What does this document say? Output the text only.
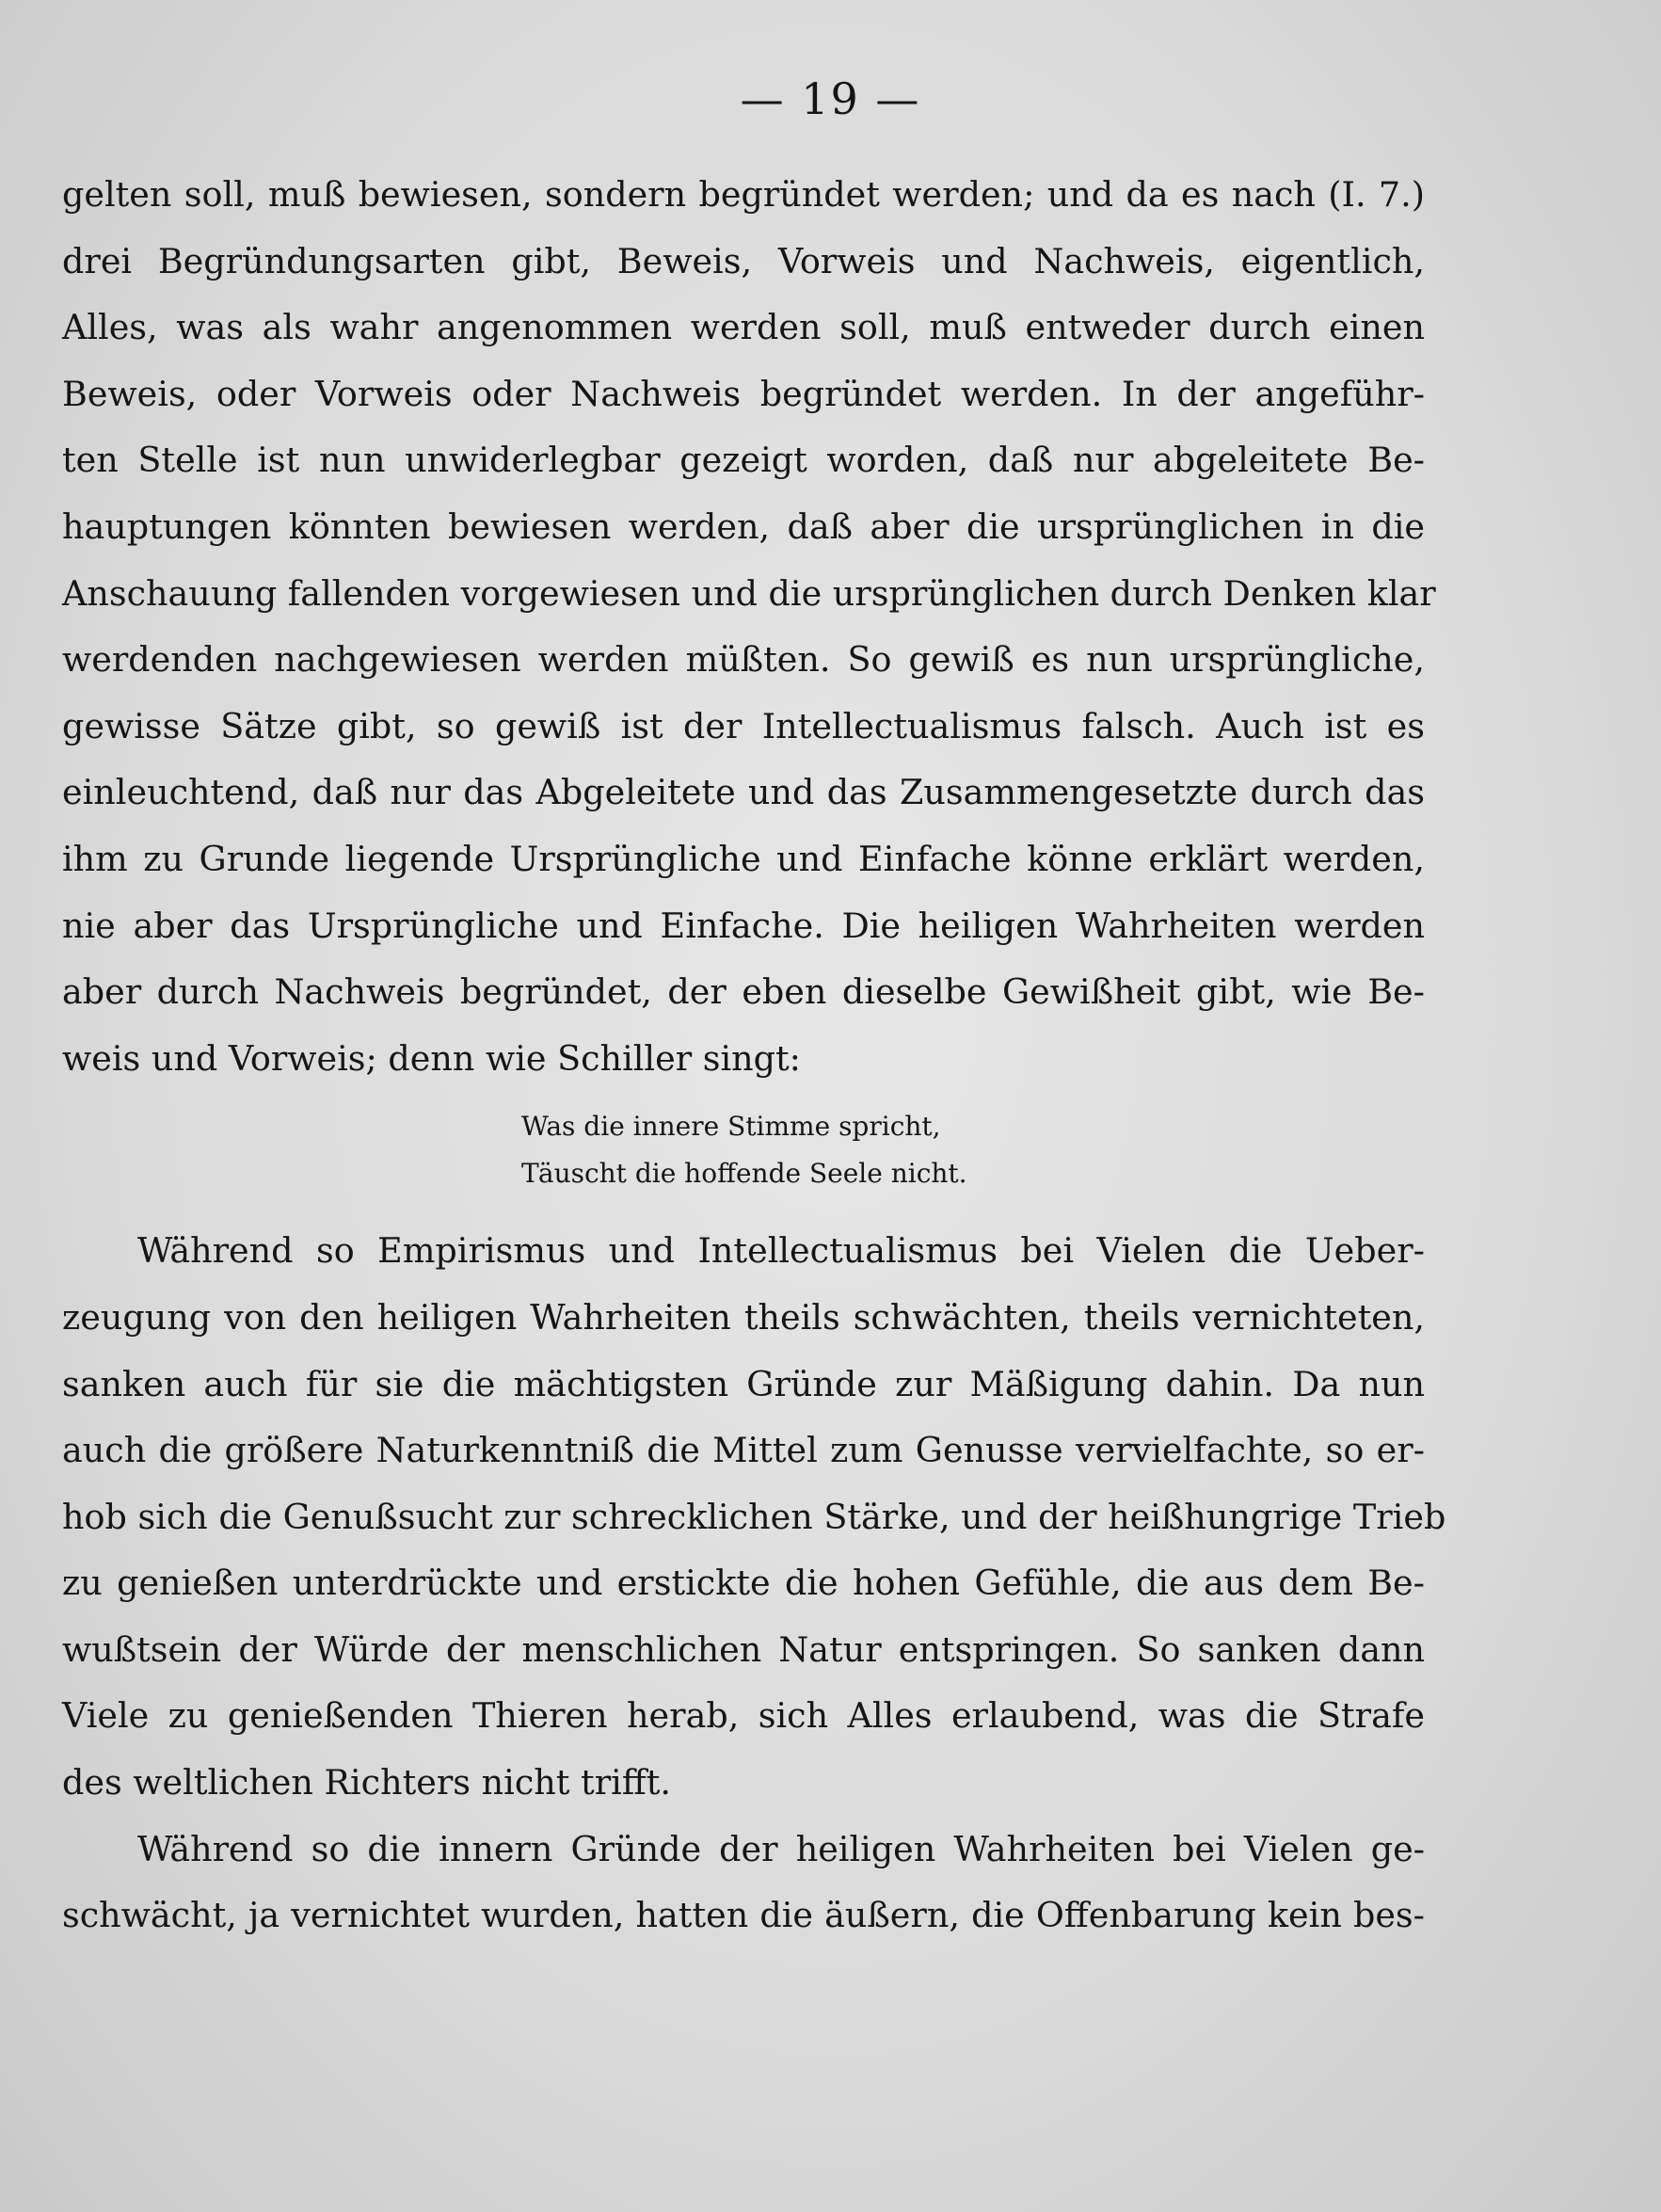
— 19 —
gelten soll, muß bewiesen, sondern begründet werden; und da es nach (I. 7.)
drei Begründungsarten gibt, Beweis, Vorweis und Nachweis, eigentlich,
Alles, was als wahr angenommen werden soll, muß entweder durch einen
Beweis, oder Vorweis oder Nachweis begründet werden. In der angeführ-
ten Stelle ist nun unwiderlegbar gezeigt worden, daß nur abgeleitete Be-
hauptungen könnten bewiesen werden, daß aber die ursprünglichen in die
Anschauung fallenden vorgewiesen und die ursprünglichen durch Denken klar
werdenden nachgewiesen werden müßten. So gewiß es nun ursprüngliche,
gewisse Sätze gibt, so gewiß ist der Intellectualismus falsch. Auch ist es
einleuchtend, daß nur das Abgeleitete und das Zusammengesetzte durch das
ihm zu Grunde liegende Ursprüngliche und Einfache könne erklärt werden,
nie aber das Ursprüngliche und Einfache. Die heiligen Wahrheiten werden
aber durch Nachweis begründet, der eben dieselbe Gewißheit gibt, wie Be-
weis und Vorweis; denn wie Schiller singt:
Was die innere Stimme spricht,
Täuscht die hoffende Seele nicht.
Während so Empirismus und Intellectualismus bei Vielen die Ueber-
zeugung von den heiligen Wahrheiten theils schwächten, theils vernichteten,
sanken auch für sie die mächtigsten Gründe zur Mäßigung dahin. Da nun
auch die größere Naturkenntniß die Mittel zum Genusse vervielfachte, so er-
hob sich die Genußsucht zur schrecklichen Stärke, und der heißhungrige Trieb
zu genießen unterdrückte und erstickte die hohen Gefühle, die aus dem Be-
wußtsein der Würde der menschlichen Natur entspringen. So sanken dann
Viele zu genießenden Thieren herab, sich Alles erlaubend, was die Strafe
des weltlichen Richters nicht trifft.
Während so die innern Gründe der heiligen Wahrheiten bei Vielen ge-
schwächt, ja vernichtet wurden, hatten die äußern, die Offenbarung kein bes-
